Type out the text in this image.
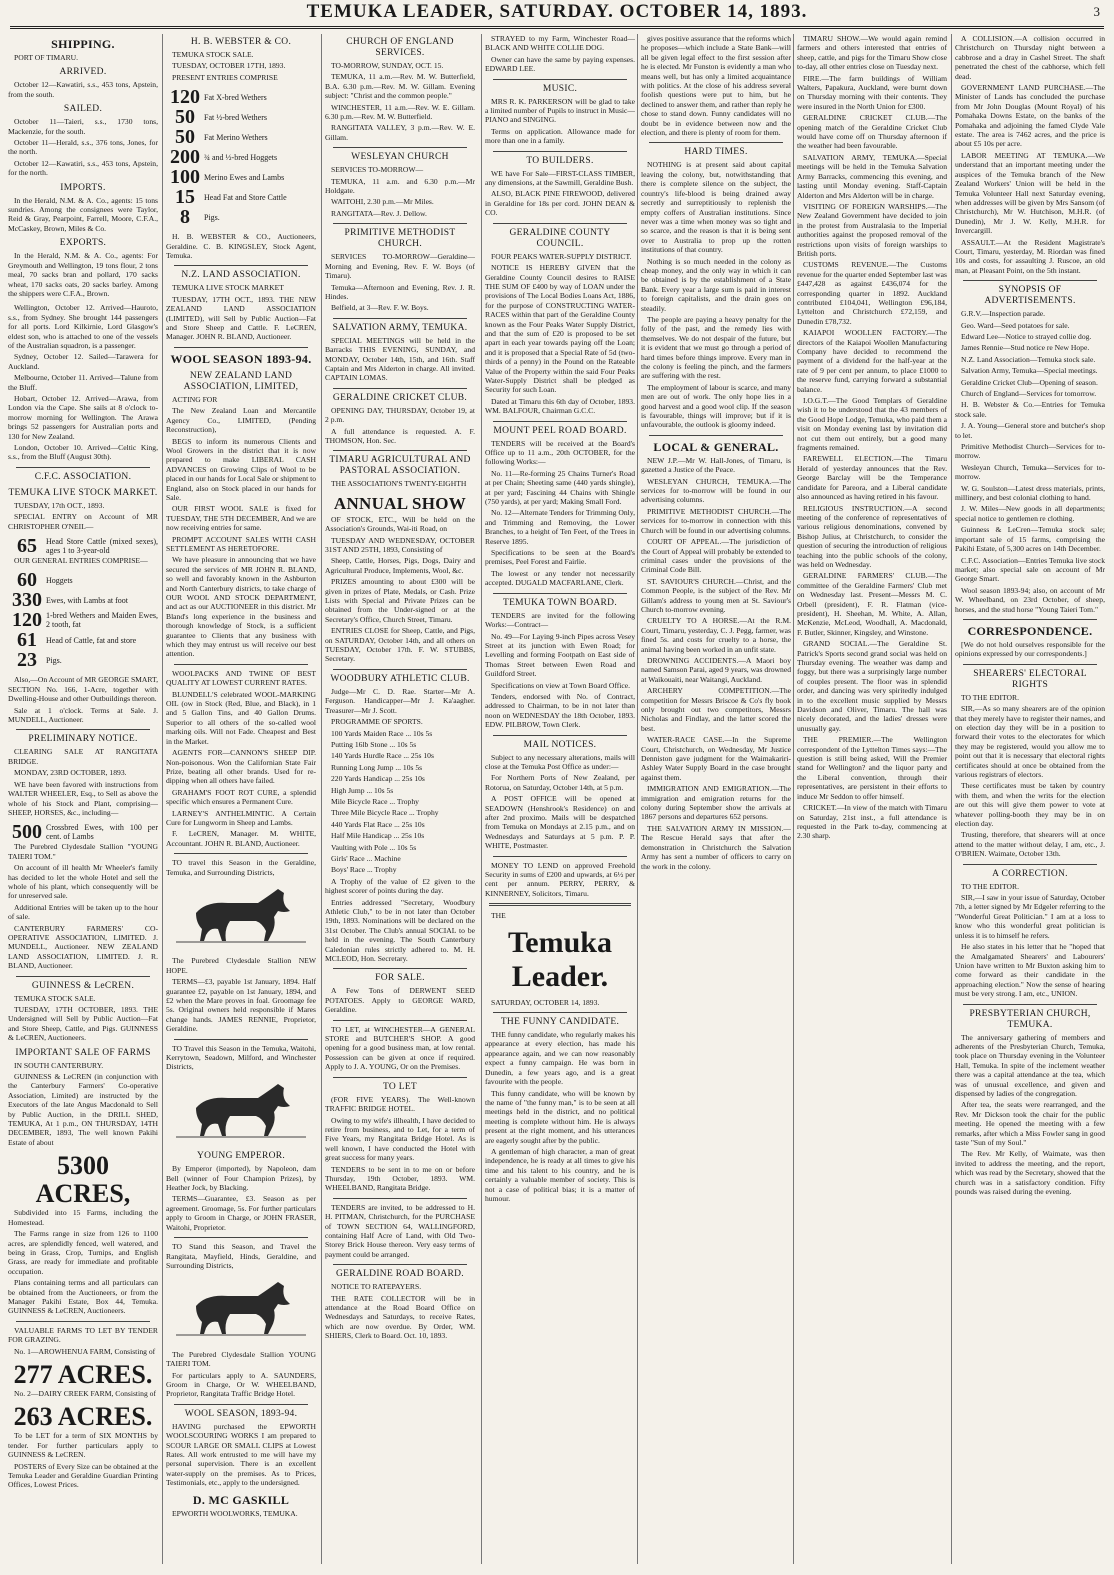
TEMUKA LEADER, SATURDAY. OCTOBER 14, 1893.	3
SHIPPING.
PORT OF TIMARU.
ARRIVED.
October 12—Kawatiri, s.s., 453 tons, Apstein, from the south.
SAILED.
October 11—Taieri, s.s., 1730 tons, Mackenzie, for the south.
October 11—Herald, s.s., 376 tons, Jones, for the north.
October 12—Kawatiri, s.s., 453 tons, Apstein, for the north.
IMPORTS.
In the Herald, N.M. & A. Co., agents: 15 tons sundries. Among the consignees were Taylor, Reid & Gray, Pearpoint, Farrell, Moore, C.F.A., McCaskey, Brown, Miles & Co.
EXPORTS.
In the Herald, N.M. & A. Co., agents: For Greymouth and Wellington, 19 tons flour, 2 tons meal, 70 sacks bran and pollard, 170 sacks wheat, 170 sacks oats, 20 sacks barley. Among the shippers were C.F.A., Brown.
Wellington, October 12. Arrived—Hauroto, s.s., from Sydney. She brought 144 passengers for all ports. Lord Kilkirnie, Lord Glasgow's eldest son, who is attached to one of the vessels of the Australian squadron, is a passenger.
Sydney, October 12. Sailed—Tarawera for Auckland.
Melbourne, October 11. Arrived—Talune from the Bluff.
Hobart, October 12. Arrived—Arawa, from London via the Cape. She sails at 8 o'clock to-morrow morning for Wellington. The Arawa brings 52 passengers for Australian ports and 130 for New Zealand.
London, October 10. Arrived—Celtic King, s.s., from the Bluff (August 30th).
C.F.C. ASSOCIATION.
TEMUKA LIVE STOCK MARKET.
TUESDAY, 17th OCT., 1893.
SPECIAL ENTRY on Account of MR CHRISTOPHER O'NEIL—
65	Head Store Cattle (mixed sexes), ages 1 to 3-year-old
OUR GENERAL ENTRIES COMPRISE—
60	Hoggets
330 Ewes, with Lambs at foot
120 1-bred Wethers and Maiden Ewes, 2 tooth, fat
61	Head of Cattle, fat and store
23	Pigs.
Also,—On Account of MR GEORGE SMART, SECTION No. 166, 1-Acre, together with Dwelling-House and other Outbuildings thereon.
Sale at 1 o'clock. Terms at Sale. J. MUNDELL, Auctioneer.
PRELIMINARY NOTICE.
CLEARING SALE AT RANGITATA BRIDGE.
MONDAY, 23RD OCTOBER, 1893.
WE have been favored with instructions from WALTER WHEELER, Esq., to Sell as above the whole of his Stock and Plant, comprising—SHEEP, HORSES, &c., including—
500 Crossbred Ewes, with 100 per cent. of Lambs
The Purebred Clydesdale Stallion "YOUNG TAIERI TOM."
On account of ill health Mr Wheeler's family has decided to let the whole Hotel and sell the whole of his plant, which consequently will be for unreserved sale.
Additional Entries will be taken up to the hour of sale.
CANTERBURY FARMERS' CO-OPERATIVE ASSOCIATION, LIMITED. J. MUNDELL, Auctioneer. NEW ZEALAND LAND ASSOCIATION, LIMITED. J. R. BLAND, Auctioneer.
GUINNESS & LeCREN.
TEMUKA STOCK SALE.
TUESDAY, 17TH OCTOBER, 1893. THE Undersigned will Sell by Public Auction—Fat and Store Sheep, Cattle, and Pigs. GUINNESS & LeCREN, Auctioneers.
IMPORTANT SALE OF FARMS
IN SOUTH CANTERBURY.
GUINNESS & LeCREN (in conjunction with the Canterbury Farmers' Co-operative Association, Limited) are instructed by the Executors of the late Angus Macdonald to Sell by Public Auction, in the DRILL SHED, TEMUKA, At 1 p.m., ON THURSDAY, 14TH DECEMBER, 1893, The well known Pakihi Estate of about
5300 ACRES,
Subdivided into 15 Farms, including the Homestead.
The Farms range in size from 126 to 1100 acres, are splendidly fenced, well watered, and being in Grass, Crop, Turnips, and English Grass, are ready for immediate and profitable occupation.
Plans containing terms and all particulars can be obtained from the Auctioneers, or from the Manager Pakihi Estate, Box 44, Temuka. GUINNESS & LeCREN, Auctioneers.
VALUABLE FARMS TO LET BY TENDER FOR GRAZING.
No. 1—AROWHENUA FARM, Consisting of
277 ACRES.
No. 2—DAIRY CREEK FARM, Consisting of
263 ACRES.
To be LET for a term of SIX MONTHS by tender. For further particulars apply to GUINNESS & LeCREN.
POSTERS of Every Size can be obtained at the Temuka Leader and Geraldine Guardian Printing Offices, Lowest Prices.
H. B. WEBSTER & CO.
TEMUKA STOCK SALE.
TUESDAY, OCTOBER 17TH, 1893.
PRESENT ENTRIES COMPRISE
120 Fat X-bred Wethers
50	Fat ½-bred Wethers
50	Fat Merino Wethers
200 ¾ and ½-bred Hoggets
100 Merino Ewes and Lambs
15	Head Fat and Store Cattle
8	Pigs.
H. B. WEBSTER & CO., Auctioneers, Geraldine. C. B. KINGSLEY, Stock Agent, Temuka.
N.Z. LAND ASSOCIATION.
TEMUKA LIVE STOCK MARKET
TUESDAY, 17TH OCT., 1893. THE NEW ZEALAND LAND ASSOCIATION (LIMITED), will Sell by Public Auction—Fat and Store Sheep and Cattle. F. LeCREN, Manager. JOHN R. BLAND, Auctioneer.
WOOL SEASON 1893-94.
NEW ZEALAND LAND ASSOCIATION, LIMITED,
ACTING FOR
The New Zealand Loan and Mercantile Agency Co., LIMITED, (Pending Reconstruction),
BEGS to inform its numerous Clients and Wool Growers in the district that it is now prepared to make LIBERAL CASH ADVANCES on Growing Clips of Wool to be placed in our hands for Local Sale or shipment to England, also on Stock placed in our hands for Sale.
OUR FIRST WOOL SALE is fixed for TUESDAY, THE 5TH DECEMBER, And we are now receiving entries for same.
PROMPT ACCOUNT SALES WITH CASH SETTLEMENT AS HERETOFORE.
We have pleasure in announcing that we have secured the services of MR JOHN R. BLAND, so well and favorably known in the Ashburton and North Canterbury districts, to take charge of OUR WOOL AND STOCK DEPARTMENT, and act as our AUCTIONEER in this district. Mr Bland's long experience in the business and thorough knowledge of Stock, is a sufficient guarantee to Clients that any business with which they may entrust us will receive our best attention.
WOOLPACKS AND TWINE OF BEST QUALITY AT LOWEST CURRENT RATES.
BLUNDELL'S celebrated WOOL-MARKING OIL (ow in Stock (Red, Blue, and Black), in 1 and 5 Gallon Tins, and 40 Gallon Drums. Superior to all others of the so-called wool marking oils. Will not Fade. Cheapest and Best in the Market.
AGENTS FOR—CANNON'S SHEEP DIP. Non-poisonous. Won the Californian State Fair Prize, beating all other brands. Used for re-dipping when all others have failed.
GRAHAM'S FOOT ROT CURE, a splendid specific which ensures a Permanent Cure.
LARNEY'S ANTHELMINTIC. A Certain Cure for Lungworm in Sheep and Lambs.
F. LeCREN, Manager. M. WHITE, Accountant. JOHN R. BLAND, Auctioneer.
TO travel this Season in the Geraldine, Temuka, and Surrounding Districts,
The Purebred Clydesdale Stallion NEW HOPE.
TERMS—£3, payable 1st January, 1894. Half guarantee £2, payable on 1st January, 1894, and £2 when the Mare proves in foal. Groomage fee 5s. Original owners held responsible if Mares change hands. JAMES RENNIE, Proprietor, Geraldine.
TO Travel this Season in the Temuka, Waitohi, Kerrytown, Seadown, Milford, and Winchester Districts,
YOUNG EMPEROR.
By Emperor (imported), by Napoleon, dam Bell (winner of Four Champion Prizes), by Heather Jock, by Blacking.
TERMS—Guarantee, £3. Season as per agreement. Groomage, 5s. For further particulars apply to Groom in Charge, or JOHN FRASER, Waitohi, Proprietor.
TO Stand this Season, and Travel the Rangitata, Mayfield, Hinds, Geraldine, and Surrounding Districts,
The Purebred Clydesdale Stallion YOUNG TAIERI TOM.
For particulars apply to A. SAUNDERS, Groom in Charge, Or W. WHEELBAND, Proprietor, Rangitata Traffic Bridge Hotel.
WOOL SEASON, 1893-94.
HAVING purchased the EPWORTH WOOLSCOURING WORKS I am prepared to SCOUR LARGE OR SMALL CLIPS at Lowest Rates. All work entrusted to me will have my personal supervision. There is an excellent water-supply on the premises. As to Prices, Testimonials, etc., apply to the undersigned.
D. MC GASKILL
EPWORTH WOOLWORKS, TEMUKA.
CHURCH OF ENGLAND SERVICES.
TO-MORROW, SUNDAY, OCT. 15.
TEMUKA, 11 a.m.—Rev. M. W. Butterfield, B.A. 6.30 p.m.—Rev. M. W. Gillam. Evening subject: "Christ and the common people."
WINCHESTER, 11 a.m.—Rev. W. E. Gillam. 6.30 p.m.—Rev. M. W. Butterfield.
RANGITATA VALLEY, 3 p.m.—Rev. W. E. Gillam.
WESLEYAN CHURCH
SERVICES TO-MORROW—
TEMUKA, 11 a.m. and 6.30 p.m.—Mr Holdgate.
WAITOHI, 2.30 p.m.—Mr Miles.
RANGITATA—Rev. J. Dellow.
PRIMITIVE METHODIST CHURCH.
SERVICES TO-MORROW—Geraldine—Morning and Evening, Rev. F. W. Boys (of Timaru).
Temuka—Afternoon and Evening, Rev. J. R. Hindes.
Belfield, at 3—Rev. F. W. Boys.
SALVATION ARMY, TEMUKA.
SPECIAL MEETINGS will be held in the Barracks THIS EVENING, SUNDAY, and MONDAY, October 14th, 15th, and 16th. Staff Captain and Mrs Alderton in charge. All invited. CAPTAIN LOMAS.
GERALDINE CRICKET CLUB.
OPENING DAY, THURSDAY, October 19, at 2 p.m.
A full attendance is requested. A. F. THOMSON, Hon. Sec.
TIMARU AGRICULTURAL AND PASTORAL ASSOCIATION.
THE ASSOCIATION'S TWENTY-EIGHTH
ANNUAL SHOW
OF STOCK, ETC., Will be held on the Association's Grounds, Wai-iti Road, on
TUESDAY AND WEDNESDAY, OCTOBER 31ST AND 25TH, 1893, Consisting of
Sheep, Cattle, Horses, Pigs, Dogs, Dairy and Agricultural Produce, Implements, Wool, &c.
PRIZES amounting to about £300 will be given in prizes of Plate, Medals, or Cash. Prize Lists with Special and Private Prizes can be obtained from the Under-signed or at the Secretary's Office, Church Street, Timaru.
ENTRIES CLOSE for Sheep, Cattle, and Pigs, on SATURDAY, October 14th, and all others on TUESDAY, October 17th. F. W. STUBBS, Secretary.
WOODBURY ATHLETIC CLUB.
Judge—Mr C. D. Rae. Starter—Mr A. Ferguson. Handicapper—Mr J. Ka'aagher. Treasurer—Mr J. Scott.
PROGRAMME OF SPORTS.
100 Yards Maiden Race ... 10s 5s
Putting 16lb Stone ... 10s 5s
140 Yards Hurdle Race ... 25s 10s
Running Long Jump ... 10s 5s
220 Yards Handicap ... 25s 10s
High Jump ... 10s 5s
Mile Bicycle Race ... Trophy
Three Mile Bicycle Race ... Trophy
440 Yards Flat Race ... 25s 10s
Half Mile Handicap ... 25s 10s
Vaulting with Pole ... 10s 5s
Girls' Race ... Machine
Boys' Race ... Trophy
A Trophy of the value of £2 given to the highest scorer of points during the day.
Entries addressed "Secretary, Woodbury Athletic Club," to be in not later than October 19th, 1893. Nominations will be declared on the 31st October. The Club's annual SOCIAL to be held in the evening. The South Canterbury Caledonian rules strictly adhered to. M. H. MCLEOD, Hon. Secretary.
FOR SALE.
A Few Tons of DERWENT SEED POTATOES. Apply to GEORGE WARD, Geraldine.
TO LET, at WINCHESTER—A GENERAL STORE and BUTCHER'S SHOP. A good opening for a good business man, at low rental. Possession can be given at once if required. Apply to J. A. YOUNG, Or on the Premises.
TO LET
(FOR FIVE YEARS). The Well-known TRAFFIC BRIDGE HOTEL.
Owing to my wife's illhealth, I have decided to retire from business, and to Let, for a term of Five Years, my Rangitata Bridge Hotel. As is well known, I have conducted the Hotel with great success for many years.
TENDERS to be sent in to me on or before Thursday, 19th October, 1893. WM. WHEELBAND, Rangitata Bridge.
TENDERS are invited, to be addressed to H. H. PITMAN, Christchurch, for the PURCHASE of TOWN SECTION 64, WALLINGFORD, containing Half Acre of Land, with Old Two-Storey Brick House thereon. Very easy terms of payment could be arranged.
GERALDINE ROAD BOARD.
NOTICE TO RATEPAYERS.
THE RATE COLLECTOR will be in attendance at the Road Board Office on Wednesdays and Saturdays, to receive Rates, which are now overdue. By Order, WM. SHIERS, Clerk to Board. Oct. 10, 1893.
STRAYED to my Farm, Winchester Road—BLACK AND WHITE COLLIE DOG.
Owner can have the same by paying expenses. EDWARD LEE.
MUSIC.
MRS R. K. PARKERSON will be glad to take a limited number of Pupils to instruct in Music—PIANO and SINGING.
Terms on application. Allowance made for more than one in a family.
TO BUILDERS.
WE have For Sale—FIRST-CLASS TIMBER, any dimensions, at the Sawmill, Geraldine Bush.
ALSO, BLACK PINE FIREWOOD, delivered in Geraldine for 18s per cord. JOHN DEAN & CO.
GERALDINE COUNTY COUNCIL.
FOUR PEAKS WATER-SUPPLY DISTRICT.
NOTICE IS HEREBY GIVEN that the Geraldine County Council desires to RAISE THE SUM OF £400 by way of LOAN under the provisions of The Local Bodies Loans Act, 1886, for the purpose of CONSTRUCTING WATER-RACES within that part of the Geraldine County known as the Four Peaks Water Supply District, and that the sum of £20 is proposed to be set apart in each year towards paying off the Loan; and it is proposed that a Special Rate of 5d (two-thirds of a penny) in the Pound on the Rateable Value of the Property within the said Four Peaks Water-Supply District shall be pledged as Security for such Loan.
Dated at Timaru this 6th day of October, 1893. WM. BALFOUR, Chairman G.C.C.
MOUNT PEEL ROAD BOARD.
TENDERS will be received at the Board's Office up to 11 a.m., 20th OCTOBER, for the following Works:—
No. 11—Re-forming 25 Chains Turner's Road at per Chain; Sheeting same (440 yards shingle), at per yard; Fascining 44 Chains with Shingle (750 yards), at per yard; Making Small Ford.
No. 12—Alternate Tenders for Trimming Only, and Trimming and Removing, the Lower Branches, to a height of Ten Feet, of the Trees in Reserve 1895.
Specifications to be seen at the Board's premises, Peel Forest and Fairlie.
The lowest or any tender not necessarily accepted. DUGALD MACFARLANE, Clerk.
TEMUKA TOWN BOARD.
TENDERS are invited for the following Works:—Contract—
No. 49—For Laying 9-inch Pipes across Vesey Street at its junction with Ewen Road; for Levelling and forming Footpath on East side of Thomas Street between Ewen Road and Guildford Street.
Specifications on view at Town Board Office.
Tenders, endorsed with No. of Contract, addressed to Chairman, to be in not later than noon on WEDNESDAY the 18th October, 1893. EDW. PILBROW, Town Clerk.
MAIL NOTICES.
Subject to any necessary alterations, mails will close at the Temuka Post Office as under:—
For Northern Ports of New Zealand, per Rotorua, on Saturday, October 14th, at 5 p.m.
A POST OFFICE will be opened at SEADOWN (Henshrook's Residence) on and after 2nd proximo. Mails will be despatched from Temuka on Mondays at 2.15 p.m., and on Wednesdays and Saturdays at 5 p.m. P. P. WHITE, Postmaster.
MONEY TO LEND on approved Freehold Security in sums of £200 and upwards, at 6½ per cent per annum. PERRY, PERRY, & KINNERNEY, Solicitors, Timaru.
THE
Temuka Leader.
SATURDAY, OCTOBER 14, 1893.
THE FUNNY CANDIDATE.
THE funny candidate, who regularly makes his appearance at every election, has made his appearance again, and we can now reasonably expect a funny campaign. He was born in Dunedin, a few years ago, and is a great favourite with the people.
This funny candidate, who will be known by the name of "the funny man," is to be seen at all meetings held in the district, and no political meeting is complete without him. He is always present at the right moment, and his utterances are eagerly sought after by the public.
A gentleman of high character, a man of great independence, he is ready at all times to give his time and his talent to his country, and he is certainly a valuable member of society. This is not a case of political bias; it is a matter of humour.
gives positive assurance that the reforms which he proposes—which include a State Bank—will all be given legal effect to the first session after he is elected. Mr Funston is evidently a man who means well, but has only a limited acquaintance with politics. At the close of his address several foolish questions were put to him, but he declined to answer them, and rather than reply he chose to stand down. Funny candidates will no doubt be in evidence between now and the election, and there is plenty of room for them.
HARD TIMES.
NOTHING is at present said about capital leaving the colony, but, notwithstanding that there is complete silence on the subject, the country's life-blood is being drained away secretly and surreptitiously to replenish the empty coffers of Australian institutions. Since never was a time when money was so tight and so scarce, and the reason is that it is being sent over to Australia to prop up the rotten institutions of that country.
Nothing is so much needed in the colony as cheap money, and the only way in which it can be obtained is by the establishment of a State Bank. Every year a large sum is paid in interest to foreign capitalists, and the drain goes on steadily.
The people are paying a heavy penalty for the folly of the past, and the remedy lies with themselves. We do not despair of the future, but it is evident that we must go through a period of hard times before things improve. Every man in the colony is feeling the pinch, and the farmers are suffering with the rest.
The employment of labour is scarce, and many men are out of work. The only hope lies in a good harvest and a good wool clip. If the season is favourable, things will improve; but if it is unfavourable, the outlook is gloomy indeed.
LOCAL & GENERAL.
NEW J.P.—Mr W. Hall-Jones, of Timaru, is gazetted a Justice of the Peace.
WESLEYAN CHURCH, TEMUKA.—The services for to-morrow will be found in our advertising columns.
PRIMITIVE METHODIST CHURCH.—The services for to-morrow in connection with this Church will be found in our advertising columns.
COURT OF APPEAL.—The jurisdiction of the Court of Appeal will probably be extended to criminal cases under the provisions of the Criminal Code Bill.
ST. SAVIOUR'S CHURCH.—Christ, and the Common People, is the subject of the Rev. Mr Gillam's address to young men at St. Saviour's Church to-morrow evening.
CRUELTY TO A HORSE.—At the R.M. Court, Timaru, yesterday, C. J. Pegg, farmer, was fined 5s. and costs for cruelty to a horse, the animal having been worked in an unfit state.
DROWNING ACCIDENTS.—A Maori boy named Samson Parai, aged 9 years, was drowned at Waikouaiti, near Waitangi, Auckland.
ARCHERY COMPETITION.—The competition for Messrs Briscoe & Co's fly book only brought out two competitors, Messrs Nicholas and Findlay, and the latter scored the best.
WATER-RACE CASE.—In the Supreme Court, Christchurch, on Wednesday, Mr Justice Denniston gave judgment for the Waimakariri-Ashley Water Supply Board in the case brought against them.
IMMIGRATION AND EMIGRATION.—The immigration and emigration returns for the colony during September show the arrivals at 1867 persons and departures 652 persons.
THE SALVATION ARMY IN MISSION.—The Rescue Herald says that after the demonstration in Christchurch the Salvation Army has sent a number of officers to carry on the work in the colony.
TIMARU SHOW.—We would again remind farmers and others interested that entries of sheep, cattle, and pigs for the Timaru Show close to-day, all other entries close on Tuesday next.
FIRE.—The farm buildings of William Walters, Papakura, Auckland, were burnt down on Thursday morning with their contents. They were insured in the North Union for £300.
GERALDINE CRICKET CLUB.—The opening match of the Geraldine Cricket Club would have come off on Thursday afternoon if the weather had been favourable.
SALVATION ARMY, TEMUKA.—Special meetings will be held in the Temuka Salvation Army Barracks, commencing this evening, and lasting until Monday evening. Staff-Captain Alderton and Mrs Alderton will be in charge.
VISITING OF FOREIGN WARSHIPS.—The New Zealand Government have decided to join in the protest from Australasia to the Imperial authorities against the proposed removal of the restrictions upon visits of foreign warships to British ports.
CUSTOMS REVENUE.—The Customs revenue for the quarter ended September last was £447,428 as against £436,074 for the corresponding quarter in 1892. Auckland contributed £104,041, Wellington £96,184, Lyttelton and Christchurch £72,159, and Dunedin £78,732.
KAIAPOI WOOLLEN FACTORY.—The directors of the Kaiapoi Woollen Manufacturing Company have decided to recommend the payment of a dividend for the half-year at the rate of 9 per cent per annum, to place £1000 to the reserve fund, carrying forward a substantial balance.
I.O.G.T.—The Good Templars of Geraldine wish it to be understood that the 43 members of the Good Hope Lodge, Temuka, who paid them a visit on Monday evening last by invitation did not cut them out entirely, but a good many fragments remained.
FAREWELL ELECTION.—The Timaru Herald of yesterday announces that the Rev. George Barclay will be the Temperance candidate for Pareora, and a Liberal candidate also announced as having retired in his favour.
RELIGIOUS INSTRUCTION.—A second meeting of the conference of representatives of various religious denominations, convened by Bishop Julius, at Christchurch, to consider the question of securing the introduction of religious teaching into the public schools of the colony, was held on Wednesday.
GERALDINE FARMERS' CLUB.—The committee of the Geraldine Farmers' Club met on Wednesday last. Present—Messrs M. C. Orbell (president), F. R. Flatman (vice-president), H. Sheehan, M. White, A. Allan, McKenzie, McLeod, Woodhall, A. Macdonald, F. Butler, Skinner, Kingsley, and Winstone.
GRAND SOCIAL.—The Geraldine St. Patrick's Sports second grand social was held on Thursday evening. The weather was damp and foggy, but there was a surprisingly large number of couples present. The floor was in splendid order, and dancing was very spiritedly indulged in to the excellent music supplied by Messrs Davidson and Oliver, Timaru. The hall was nicely decorated, and the ladies' dresses were unusually gay.
THE PREMIER.—The Wellington correspondent of the Lyttelton Times says:—The question is still being asked, Will the Premier stand for Wellington? and the liquor party and the Liberal convention, through their representatives, are persistent in their efforts to induce Mr Seddon to offer himself.
CRICKET.—In view of the match with Timaru on Saturday, 21st inst., a full attendance is requested in the Park to-day, commencing at 2.30 sharp.
A COLLISION.—A collision occurred in Christchurch on Thursday night between a cabbrose and a dray in Cashel Street. The shaft penetrated the chest of the cabhorse, which fell dead.
GOVERNMENT LAND PURCHASE.—The Minister of Lands has concluded the purchase from Mr John Douglas (Mount Royal) of his Pomahaka Downs Estate, on the banks of the Pomahaka and adjoining the famed Clyde Vale estate. The area is 7462 acres, and the price is about £5 10s per acre.
LABOR MEETING AT TEMUKA.—We understand that an important meeting under the auspices of the Temuka branch of the New Zealand Workers' Union will be held in the Temuka Volunteer Hall next Saturday evening, when addresses will be given by Mrs Sansom (of Christchurch), Mr W. Hutchison, M.H.R. (of Dunedin), Mr J. W. Kelly, M.H.R. for Invercargill.
ASSAULT.—At the Resident Magistrate's Court, Timaru, yesterday, M. Riordan was fined 10s and costs, for assaulting J. Ruscoe, an old man, at Pleasant Point, on the 5th instant.
SYNOPSIS OF ADVERTISEMENTS.
G.R.V.—Inspection parade.
Geo. Ward—Seed potatoes for sale.
Edward Lee—Notice to strayed collie dog.
James Rennie—Stud notice re New Hope.
N.Z. Land Association—Temuka stock sale.
Salvation Army, Temuka—Special meetings.
Geraldine Cricket Club—Opening of season.
Church of England—Services for tomorrow.
H. B. Webster & Co.—Entries for Temuka stock sale.
J. A. Young—General store and butcher's shop to let.
Primitive Methodist Church—Services for to-morrow.
Wesleyan Church, Temuka—Services for to-morrow.
W. G. Soulston—Latest dress materials, prints, millinery, and best colonial clothing to hand.
J. W. Miles—New goods in all departments; special notice to gentlemen re clothing.
Guinness & LeCren—Temuka stock sale; important sale of 15 farms, comprising the Pakihi Estate, of 5,300 acres on 14th December.
C.F.C. Association—Entries Temuka live stock market; also special sale on account of Mr George Smart.
Wool season 1893-94; also, on account of Mr W. Wheelband, on 23rd October, of sheep, horses, and the stud horse "Young Taieri Tom."
CORRESPONDENCE.
[We do not hold ourselves responsible for the opinions expressed by our correspondents.]
SHEARERS' ELECTORAL RIGHTS
TO THE EDITOR.
SIR,—As so many shearers are of the opinion that they merely have to register their names, and on election day they will be in a position to forward their votes to the electorates for which they may be registered, would you allow me to point out that it is necessary that electoral rights certificates should at once be obtained from the various registrars of electors.
These certificates must be taken by country with them, and when the writs for the election are out this will give them power to vote at whatever polling-booth they may be in on election day.
Trusting, therefore, that shearers will at once attend to the matter without delay, I am, etc., J. O'BRIEN. Waimate, October 13th.
A CORRECTION.
TO THE EDITOR.
SIR,—I saw in your issue of Saturday, October 7th, a letter signed by Mr Edgeler referring to the "Wonderful Great Politician." I am at a loss to know who this wonderful great politician is unless it is to himself he refers.
He also states in his letter that he "hoped that the Amalgamated Shearers' and Labourers' Union have written to Mr Buxton asking him to come forward as their candidate in the approaching election." Now the sense of hearing must be very strong. I am, etc., UNION.
PRESBYTERIAN CHURCH, TEMUKA.
The anniversary gathering of members and adherents of the Presbyterian Church, Temuka, took place on Thursday evening in the Volunteer Hall, Temuka. In spite of the inclement weather there was a capital attendance at the tea, which was of unusual excellence, and given and dispensed by ladies of the congregation.
After tea, the seats were rearranged, and the Rev. Mr Dickson took the chair for the public meeting. He opened the meeting with a few remarks, after which a Miss Fowler sang in good taste "Sun of my Soul."
The Rev. Mr Kelly, of Waimate, was then invited to address the meeting, and the report, which was read by the Secretary, showed that the church was in a satisfactory condition. Fifty pounds was raised during the evening.
